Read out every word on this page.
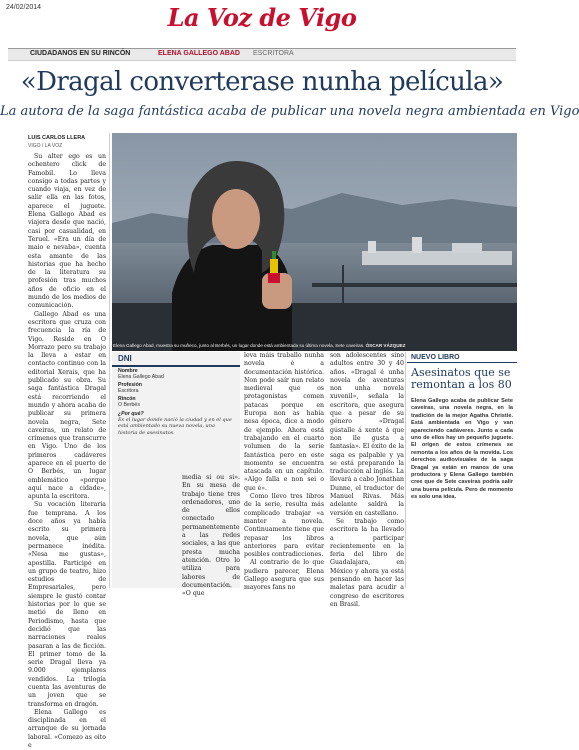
24/02/2014	La Voz de Vigo
CIUDADANOS EN SU RINCÓN	ELENA GALLEGO ABAD ESCRITORA
«Dragal converterase nunha película»
La autora de la saga fantástica acaba de publicar una novela negra ambientada en Vigo
LUIS CARLOS LLERA
VIGO / LA VOZ

Su alter ego es un ochentero click de Famobil. Lo lleva consigo a todas partes y cuando viaja, en vez de salir ella en las fotos, aparece el juguete. Elena Gallego Abad es viajera desde que nació, casi por casualidad, en Teruel. «Era un día de maio e nevaba», cuenta esta amante de las historias que ha hecho de la literatura su profesión tras muchos años de oficio en el mundo de los medios de comunicación.

Gallego Abad es una escritora que cruza con frecuencia la ría de Vigo. Reside en O Morrazo pero su trabajo la lleva a estar en contacto continuo con la editorial Xerais, que ha publicado su obra. Su saga fantástica Dragal está recorriendo el mundo y ahora acaba de publicar su primera novela negra, Sete caveiras, un relato de crímenes que transcurre en Vigo. Uno de los primeros cadáveres aparece en el puerto de O Berbés, un lugar emblemático «porque aquí nace a cidade», apunta la escritora.

Su vocación literaria fue temprana. A los doce años ya había escrito su primera novela, que aún permanece inédita. «Nesa me gustas», apostilla. Participó en un grupo de teatro, hizo estudios de Empresariales, pero siempre le gustó contar historias por lo que se metió de lleno en Periodismo, hasta que decidió que las narraciones reales pasaran a las de ficción. El primer tomo de la serie Dragal lleva ya 9.000 ejemplares vendidos. La trilogía cuenta las aventuras de un joven que se transforma en dragón.

Elena Gallego es disciplinada en el arranque de su jornada laboral. «Comezo as oito e

Elena Gallego Abad, muestra su muñeco, junto al Berbés, un lugar donde está ambientada su última novela, Sete caveiras. ÓSCAR VÁZQUEZ
DNI
Nombre
Elena Gallego Abad
Profesión
Escritora
Rincón
O Berbés
¿Por qué?
Es el lugar donde nació la ciudad y en el que está ambientado su nueva novela, una historia de asesinatos.

media si ou si». En su mesa de trabajo tiene tres ordenadores, uno de ellos conectado permanentemente a las redes sociales, a las que presta mucha atención. Otro lo utiliza para labores de documentación. «O que

leva máis traballo nunha novela é a documentación histórica. Non pode saír nun relato medieval que os protagonistas comen patacas porque en Europa non as había nesa época, dice a modo de ejemplo. Ahora está trabajando en el cuarto volumen de la serie fantástica pero en este momento se encuentra atascada en un capítulo. «Algo falla e non sei o que é».

Como llevo tres libros de la serie, resulta más complicado trabajar «a manter a novela. Continuamente tiene que repasar los libros anteriores para evitar posibles contradicciones.

Al contrario de lo que pudiera parecer, Elena Gallego asegura que sus mayores fans no

son adolescentes sino adultos entre 30 y 40 años. «Dragal é unha novela de aventuras non unha novela xuvenil», señala la escritora, que asegura que a pesar de su género «Dragal gústalle á xente á que non lle gusta a fantasía». El éxito de la saga es palpable y ya se está preparando la traducción al inglés. La llevará a cabo Jonathan Dunne, el traductor de Manuel Rivas. Más adelante saldrá la versión en castellano.

Se trabajo como escritora la ha llevado a participar recientemente en la feria del libro de Guadalajara, en México y ahora ya está pensando en hacer las maletas para acudir a congreso de escritores en Brasil.

NUEVO LIBRO
Asesinatos que se remontan a los 80
Elena Gallego acaba de publicar Sete caveiras, una novela negra, en la tradición de la mejor Agatha Christie. Está ambientada en Vigo y van apareciendo cadáveres. Junto a cada uno de ellos hay un pequeño juguete. El origen de estos crímenes se remonta a los años de la movida. Los derechos audiovisuales de la saga Dragal ya están en manos de una productora y Elena Gallego también cree que de Sete caveiras podría salir una buena película. Pero de momento es solo una idea.
